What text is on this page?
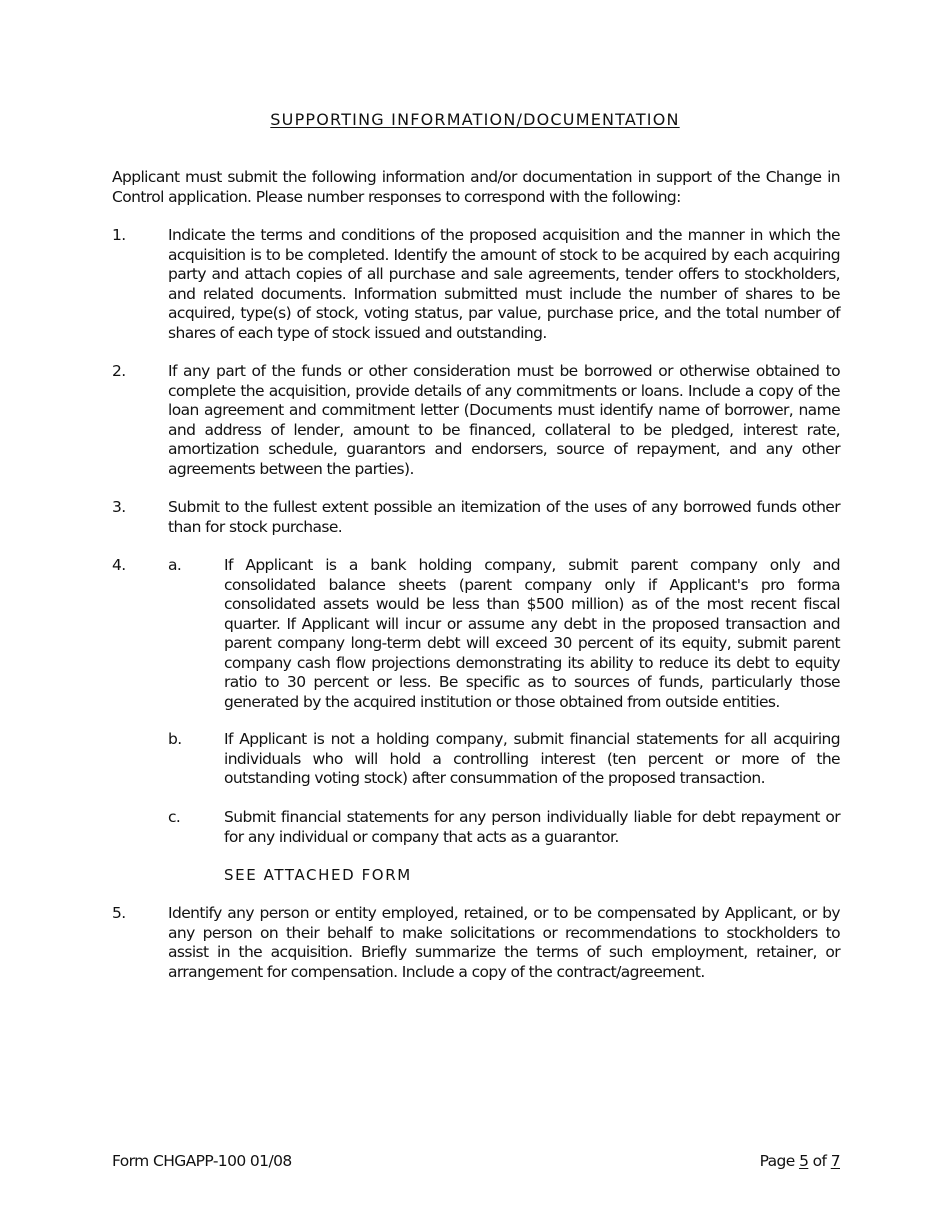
SUPPORTING INFORMATION/DOCUMENTATION
Applicant must submit the following information and/or documentation in support of the Change in Control application. Please number responses to correspond with the following:
1.	Indicate the terms and conditions of the proposed acquisition and the manner in which the acquisition is to be completed. Identify the amount of stock to be acquired by each acquiring party and attach copies of all purchase and sale agreements, tender offers to stockholders, and related documents. Information submitted must include the number of shares to be acquired, type(s) of stock, voting status, par value, purchase price, and the total number of shares of each type of stock issued and outstanding.
2.	If any part of the funds or other consideration must be borrowed or otherwise obtained to complete the acquisition, provide details of any commitments or loans. Include a copy of the loan agreement and commitment letter (Documents must identify name of borrower, name and address of lender, amount to be financed, collateral to be pledged, interest rate, amortization schedule, guarantors and endorsers, source of repayment, and any other agreements between the parties).
3.	Submit to the fullest extent possible an itemization of the uses of any borrowed funds other than for stock purchase.
4.	a.	If Applicant is a bank holding company, submit parent company only and consolidated balance sheets (parent company only if Applicant's pro forma consolidated assets would be less than $500 million) as of the most recent fiscal quarter. If Applicant will incur or assume any debt in the proposed transaction and parent company long-term debt will exceed 30 percent of its equity, submit parent company cash flow projections demonstrating its ability to reduce its debt to equity ratio to 30 percent or less. Be specific as to sources of funds, particularly those generated by the acquired institution or those obtained from outside entities.
b.	If Applicant is not a holding company, submit financial statements for all acquiring individuals who will hold a controlling interest (ten percent or more of the outstanding voting stock) after consummation of the proposed transaction.
c.	Submit financial statements for any person individually liable for debt repayment or for any individual or company that acts as a guarantor.
SEE ATTACHED FORM
5.	Identify any person or entity employed, retained, or to be compensated by Applicant, or by any person on their behalf to make solicitations or recommendations to stockholders to assist in the acquisition. Briefly summarize the terms of such employment, retainer, or arrangement for compensation. Include a copy of the contract/agreement.
Form CHGAPP-100 01/08	Page 5 of 7
